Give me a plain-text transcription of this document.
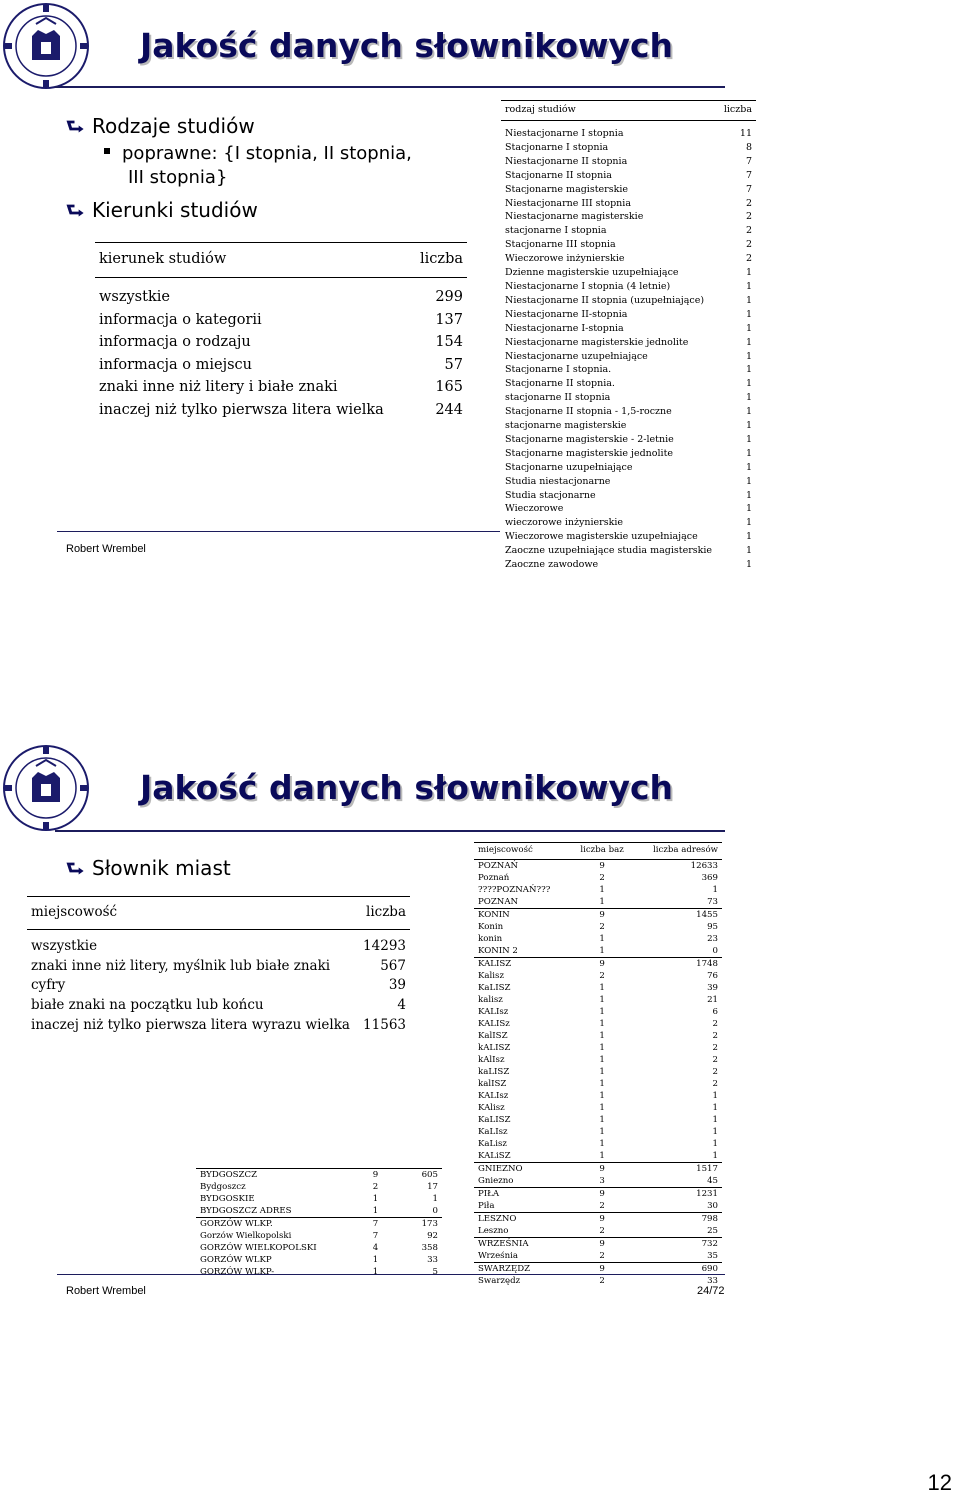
Jakość danych słownikowych
⮑ Rodzaje studiów
poprawne: {I stopnia, II stopnia,
III stopnia}
⮑ Kierunki studiów
kierunek studiów	liczba
wszystkie	299
informacja o kategorii	137
informacja o rodzaju	154
informacja o miejscu	57
znaki inne niż litery i białe znaki	165
inaczej niż tylko pierwsza litera wielka	244
rodzaj studiów	liczba
Niestacjonarne I stopnia	11
Stacjonarne I stopnia	8
Niestacjonarne II stopnia	7
Stacjonarne II stopnia	7
Stacjonarne magisterskie	7
Niestacjonarne III stopnia	2
Niestacjonarne magisterskie	2
stacjonarne I stopnia	2
Stacjonarne III stopnia	2
Wieczorowe inżynierskie	2
Dzienne magisterskie uzupełniające	1
Niestacjonarne I stopnia (4 letnie)	1
Niestacjonarne II stopnia (uzupełniające)	1
Niestacjonarne II-stopnia	1
Niestacjonarne I-stopnia	1
Niestacjonarne magisterskie jednolite	1
Niestacjonarne uzupełniające	1
Stacjonarne I stopnia.	1
Stacjonarne II stopnia.	1
stacjonarne II stopnia	1
Stacjonarne II stopnia - 1,5-roczne	1
stacjonarne magisterskie	1
Stacjonarne magisterskie - 2-letnie	1
Stacjonarne magisterskie jednolite	1
Stacjonarne uzupełniające	1
Studia niestacjonarne	1
Studia stacjonarne	1
Wieczorowe	1
wieczorowe inżynierskie	1
Wieczorowe magisterskie uzupełniające	1
Zaoczne uzupełniające studia magisterskie	1
Zaoczne zawodowe	1
Robert Wrembel
Jakość danych słownikowych
⮑ Słownik miast
Robert Wrembel	24/72
miejscowość	liczba
wszystkie	14293
znaki inne niż litery, myślnik lub białe znaki	567
cyfry	39
białe znaki na początku lub końcu	4
inaczej niż tylko pierwsza litera wyrazu wielka	11563
miejscowość	liczba baz	liczba adresów
POZNAŃ	9	12633
Poznań	2	369
????POZNAŃ???	1	1
POZNAN	1	73
KONIN	9	1455
Konin	2	95
konin	1	23
KONIN 2	1	0
KALISZ	9	1748
Kalisz	2	76
KaLISZ	1	39
kalisz	1	21
KALIsz	1	6
KALISz	1	2
KalISZ	1	2
kALISZ	1	2
kAlIsz	1	2
kaLISZ	1	2
kalISZ	1	2
KALIsz	1	1
KAlisz	1	1
KaLISZ	1	1
KaLIsz	1	1
KaLisz	1	1
KALiSZ	1	1
GNIEZNO	9	1517
Gniezno	3	45
PIŁA	9	1231
Piła	2	30
LESZNO	9	798
Leszno	2	25
WRZEŚNIA	9	732
Września	2	35
SWARZĘDZ	9	690
Swarzędz	2	33
BYDGOSZCZ	9	605
Bydgoszcz	2	17
BYDGOSKIE	1	1
BYDGOSZCZ ADRES	1	0
GORZÓW WLKP.	7	173
Gorzów Wielkopolski	7	92
GORZÓW WIELKOPOLSKI	4	358
GORZÓW WLKP	1	33
GORZÓW WLKP-	1	5
12
